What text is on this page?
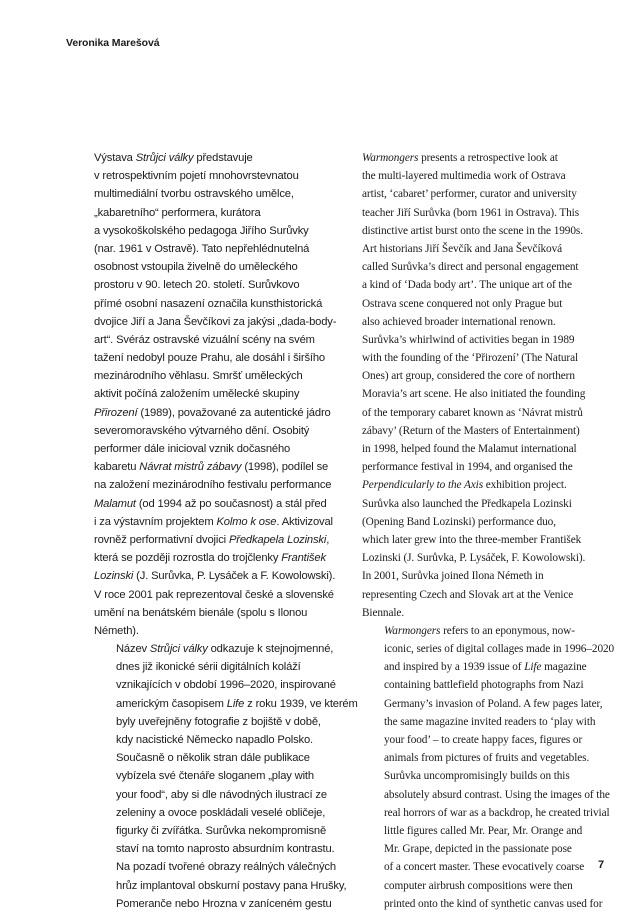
Veronika Marešová

Výstava Strůjci války představuje
v retrospektivním pojetí mnohovrstevnatou
multimediální tvorbu ostravského umělce,
„kabaretního“ performera, kurátora
a vysokoškolského pedagoga Jiřího Surůvky
(nar. 1961 v Ostravě). Tato nepřehlédnutelná
osobnost vstoupila živelně do uměleckého
prostoru v 90. letech 20. století. Surůvkovo
přímé osobní nasazení označila kunsthistorická
dvojice Jiří a Jana Ševčíkovi za jakýsi „dada-body-
art“. Svéráz ostravské vizuální scény na svém
tažení nedobyl pouze Prahu, ale dosáhl i širšího
mezinárodního věhlasu. Smršť uměleckých
aktivit počíná založením umělecké skupiny
Přirození (1989), považované za autentické jádro
severomoravského výtvarného dění. Osobitý
performer dále inicioval vznik dočasného
kabaretu Návrat mistrů zábavy (1998), podílel se
na založení mezinárodního festivalu performance
Malamut (od 1994 až po současnost) a stál před
i za výstavním projektem Kolmo k ose. Aktivizoval
rovněž performativní dvojici Předkapela Lozinski,
která se později rozrostla do trojčlenky František
Lozinski (J. Surůvka, P. Lysáček a F. Kowolowski).
V roce 2001 pak reprezentoval české a slovenské
umění na benátském bienále (spolu s Ilonou
Németh).

Název Strůjci války odkazuje k stejnojmenné,
dnes již ikonické sérii digitálních koláží
vznikajících v období 1996–2020, inspirované
americkým časopisem Life z roku 1939, ve kterém
byly uveřejněny fotografie z bojiště v době,
kdy nacistické Německo napadlo Polsko.
Současně o několik stran dále publikace
vybízela své čtenáře sloganem „play with
your food“, aby si dle návodných ilustrací ze
zeleniny a ovoce poskládali veselé obličeje,
figurky či zvířátka. Surůvka nekompromisně
staví na tomto naprosto absurdním kontrastu.
Na pozadí tvořené obrazy reálných válečných
hrůz implantoval obskurní postavy pana Hrušky,
Pomeranče nebo Hrozna v zaníceném gestu

Warmongers presents a retrospective look at
the multi-layered multimedia work of Ostrava
artist, ‘cabaret’ performer, curator and university
teacher Jiří Surůvka (born 1961 in Ostrava). This
distinctive artist burst onto the scene in the 1990s.
Art historians Jiří Ševčík and Jana Ševčíková
called Surůvka’s direct and personal engagement
a kind of ‘Dada body art’. The unique art of the
Ostrava scene conquered not only Prague but
also achieved broader international renown.
Surůvka’s whirlwind of activities began in 1989
with the founding of the ‘Přirození’ (The Natural
Ones) art group, considered the core of northern
Moravia’s art scene. He also initiated the founding
of the temporary cabaret known as ‘Návrat mistrů
zábavy’ (Return of the Masters of Entertainment)
in 1998, helped found the Malamut international
performance festival in 1994, and organised the
Perpendicularly to the Axis exhibition project.
Surůvka also launched the Předkapela Lozinski
(Opening Band Lozinski) performance duo,
which later grew into the three-member František
Lozinski (J. Surůvka, P. Lysáček, F. Kowolowski).
In 2001, Surůvka joined Ilona Németh in
representing Czech and Slovak art at the Venice
Biennale.

Warmongers refers to an eponymous, now-
iconic, series of digital collages made in 1996–2020
and inspired by a 1939 issue of Life magazine
containing battlefield photographs from Nazi
Germany’s invasion of Poland. A few pages later,
the same magazine invited readers to ‘play with
your food’ – to create happy faces, figures or
animals from pictures of fruits and vegetables.
Surůvka uncompromisingly builds on this
absolutely absurd contrast. Using the images of the
real horrors of war as a backdrop, he created trivial
little figures called Mr. Pear, Mr. Orange and
Mr. Grape, depicted in the passionate pose
of a concert master. These evocatively coarse
computer airbrush compositions were then
printed onto the kind of synthetic canvas used for

7
